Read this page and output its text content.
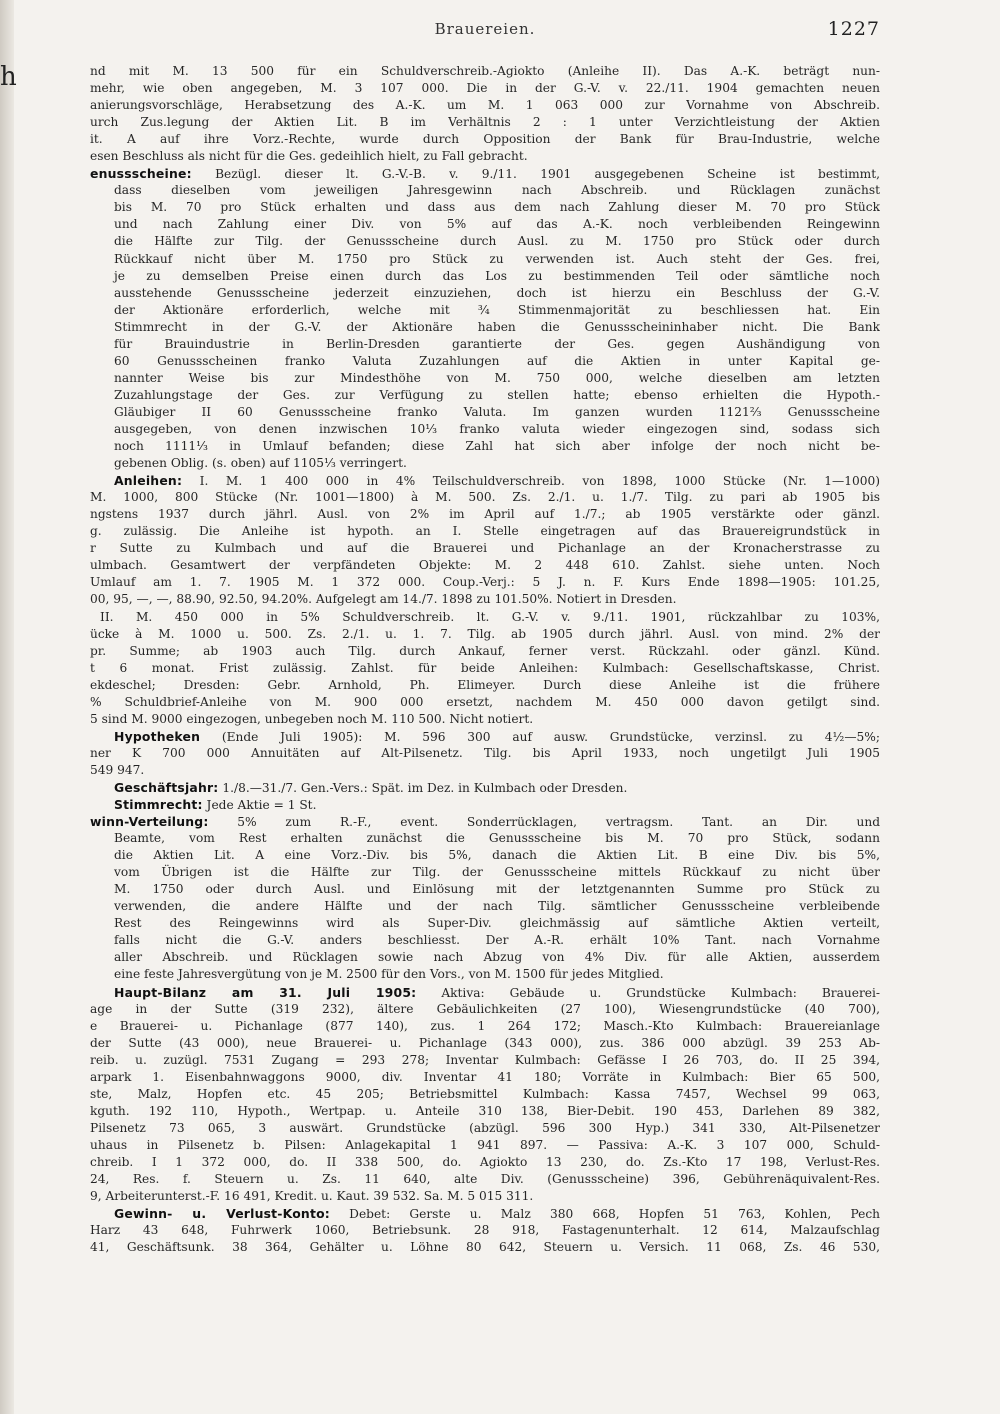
h
Brauereien.	1227
nd mit M. 13 500 für ein Schuldverschreib.-Agiokto (Anleihe II). Das A.-K. beträgt nun-
mehr, wie oben angegeben, M. 3 107 000. Die in der G.-V. v. 22./11. 1904 gemachten neuen
anierungsvorschläge, Herabsetzung des A.-K. um M. 1 063 000 zur Vornahme von Abschreib.
urch Zus.legung der Aktien Lit. B im Verhältnis 2 : 1 unter Verzichtleistung der Aktien
it. A auf ihre Vorz.-Rechte, wurde durch Opposition der Bank für Brau-Industrie, welche
esen Beschluss als nicht für die Ges. gedeihlich hielt, zu Fall gebracht.
enussscheine: Bezügl. dieser lt. G.-V.-B. v. 9./11. 1901 ausgegebenen Scheine ist bestimmt,
dass dieselben vom jeweiligen Jahresgewinn nach Abschreib. und Rücklagen zunächst
bis M. 70 pro Stück erhalten und dass aus dem nach Zahlung dieser M. 70 pro Stück
und nach Zahlung einer Div. von 5% auf das A.-K. noch verbleibenden Reingewinn
die Hälfte zur Tilg. der Genussscheine durch Ausl. zu M. 1750 pro Stück oder durch
Rückkauf nicht über M. 1750 pro Stück zu verwenden ist. Auch steht der Ges. frei,
je zu demselben Preise einen durch das Los zu bestimmenden Teil oder sämtliche noch
ausstehende Genussscheine jederzeit einzuziehen, doch ist hierzu ein Beschluss der G.-V.
der Aktionäre erforderlich, welche mit ¾ Stimmenmajorität zu beschliessen hat. Ein
Stimmrecht in der G.-V. der Aktionäre haben die Genussscheininhaber nicht. Die Bank
für Brauindustrie in Berlin-Dresden garantierte der Ges. gegen Aushändigung von
60 Genussscheinen franko Valuta Zuzahlungen auf die Aktien in unter Kapital ge-
nannter Weise bis zur Mindesthöhe von M. 750 000, welche dieselben am letzten
Zuzahlungstage der Ges. zur Verfügung zu stellen hatte; ebenso erhielten die Hypoth.-
Gläubiger II 60 Genussscheine franko Valuta. Im ganzen wurden 1121⅔ Genussscheine
ausgegeben, von denen inzwischen 10⅓ franko valuta wieder eingezogen sind, sodass sich
noch 1111⅓ in Umlauf befanden; diese Zahl hat sich aber infolge der noch nicht be-
gebenen Oblig. (s. oben) auf 1105⅓ verringert.
Anleihen: I. M. 1 400 000 in 4% Teilschuldverschreib. von 1898, 1000 Stücke (Nr. 1—1000)
M. 1000, 800 Stücke (Nr. 1001—1800) à M. 500. Zs. 2./1. u. 1./7. Tilg. zu pari ab 1905 bis
ngstens 1937 durch jährl. Ausl. von 2% im April auf 1./7.; ab 1905 verstärkte oder gänzl.
g. zulässig. Die Anleihe ist hypoth. an I. Stelle eingetragen auf das Brauereigrundstück in
r Sutte zu Kulmbach und auf die Brauerei und Pichanlage an der Kronacherstrasse zu
ulmbach. Gesamtwert der verpfändeten Objekte: M. 2 448 610. Zahlst. siehe unten. Noch
Umlauf am 1. 7. 1905 M. 1 372 000. Coup.-Verj.: 5 J. n. F. Kurs Ende 1898—1905: 101.25,
00, 95, —, —, 88.90, 92.50, 94.20%. Aufgelegt am 14./7. 1898 zu 101.50%. Notiert in Dresden.
II. M. 450 000 in 5% Schuldverschreib. lt. G.-V. v. 9./11. 1901, rückzahlbar zu 103%,
ücke à M. 1000 u. 500. Zs. 2./1. u. 1. 7. Tilg. ab 1905 durch jährl. Ausl. von mind. 2% der
pr. Summe; ab 1903 auch Tilg. durch Ankauf, ferner verst. Rückzahl. oder gänzl. Künd.
t 6 monat. Frist zulässig. Zahlst. für beide Anleihen: Kulmbach: Gesellschaftskasse, Christ.
ekdeschel; Dresden: Gebr. Arnhold, Ph. Elimeyer. Durch diese Anleihe ist die frühere
% Schuldbrief-Anleihe von M. 900 000 ersetzt, nachdem M. 450 000 davon getilgt sind.
5 sind M. 9000 eingezogen, unbegeben noch M. 110 500. Nicht notiert.
Hypotheken (Ende Juli 1905): M. 596 300 auf ausw. Grundstücke, verzinsl. zu 4½—5%;
ner K 700 000 Annuitäten auf Alt-Pilsenetz. Tilg. bis April 1933, noch ungetilgt Juli 1905
549 947.
Geschäftsjahr: 1./8.—31./7. Gen.-Vers.: Spät. im Dez. in Kulmbach oder Dresden.
Stimmrecht: Jede Aktie = 1 St.
winn-Verteilung: 5% zum R.-F., event. Sonderrücklagen, vertragsm. Tant. an Dir. und
Beamte, vom Rest erhalten zunächst die Genussscheine bis M. 70 pro Stück, sodann
die Aktien Lit. A eine Vorz.-Div. bis 5%, danach die Aktien Lit. B eine Div. bis 5%,
vom Übrigen ist die Hälfte zur Tilg. der Genussscheine mittels Rückkauf zu nicht über
M. 1750 oder durch Ausl. und Einlösung mit der letztgenannten Summe pro Stück zu
verwenden, die andere Hälfte und der nach Tilg. sämtlicher Genussscheine verbleibende
Rest des Reingewinns wird als Super-Div. gleichmässig auf sämtliche Aktien verteilt,
falls nicht die G.-V. anders beschliesst. Der A.-R. erhält 10% Tant. nach Vornahme
aller Abschreib. und Rücklagen sowie nach Abzug von 4% Div. für alle Aktien, ausserdem
eine feste Jahresvergütung von je M. 2500 für den Vors., von M. 1500 für jedes Mitglied.
Haupt-Bilanz am 31. Juli 1905: Aktiva: Gebäude u. Grundstücke Kulmbach: Brauerei-
age in der Sutte (319 232), ältere Gebäulichkeiten (27 100), Wiesengrundstücke (40 700),
e Brauerei- u. Pichanlage (877 140), zus. 1 264 172; Masch.-Kto Kulmbach: Brauereianlage
der Sutte (43 000), neue Brauerei- u. Pichanlage (343 000), zus. 386 000 abzügl. 39 253 Ab-
reib. u. zuzügl. 7531 Zugang = 293 278; Inventar Kulmbach: Gefässe I 26 703, do. II 25 394,
arpark 1. Eisenbahnwaggons 9000, div. Inventar 41 180; Vorräte in Kulmbach: Bier 65 500,
ste, Malz, Hopfen etc. 45 205; Betriebsmittel Kulmbach: Kassa 7457, Wechsel 99 063,
kguth. 192 110, Hypoth., Wertpap. u. Anteile 310 138, Bier-Debit. 190 453, Darlehen 89 382,
Pilsenetz 73 065, 3 auswärt. Grundstücke (abzügl. 596 300 Hyp.) 341 330, Alt-Pilsenetzer
uhaus in Pilsenetz b. Pilsen: Anlagekapital 1 941 897. — Passiva: A.-K. 3 107 000, Schuld-
chreib. I 1 372 000, do. II 338 500, do. Agiokto 13 230, do. Zs.-Kto 17 198, Verlust-Res.
24, Res. f. Steuern u. Zs. 11 640, alte Div. (Genussscheine) 396, Gebührenäquivalent-Res.
9, Arbeiterunterst.-F. 16 491, Kredit. u. Kaut. 39 532. Sa. M. 5 015 311.
Gewinn- u. Verlust-Konto: Debet: Gerste u. Malz 380 668, Hopfen 51 763, Kohlen, Pech
Harz 43 648, Fuhrwerk 1060, Betriebsunk. 28 918, Fastagenunterhalt. 12 614, Malzaufschlag
41, Geschäftsunk. 38 364, Gehälter u. Löhne 80 642, Steuern u. Versich. 11 068, Zs. 46 530,
